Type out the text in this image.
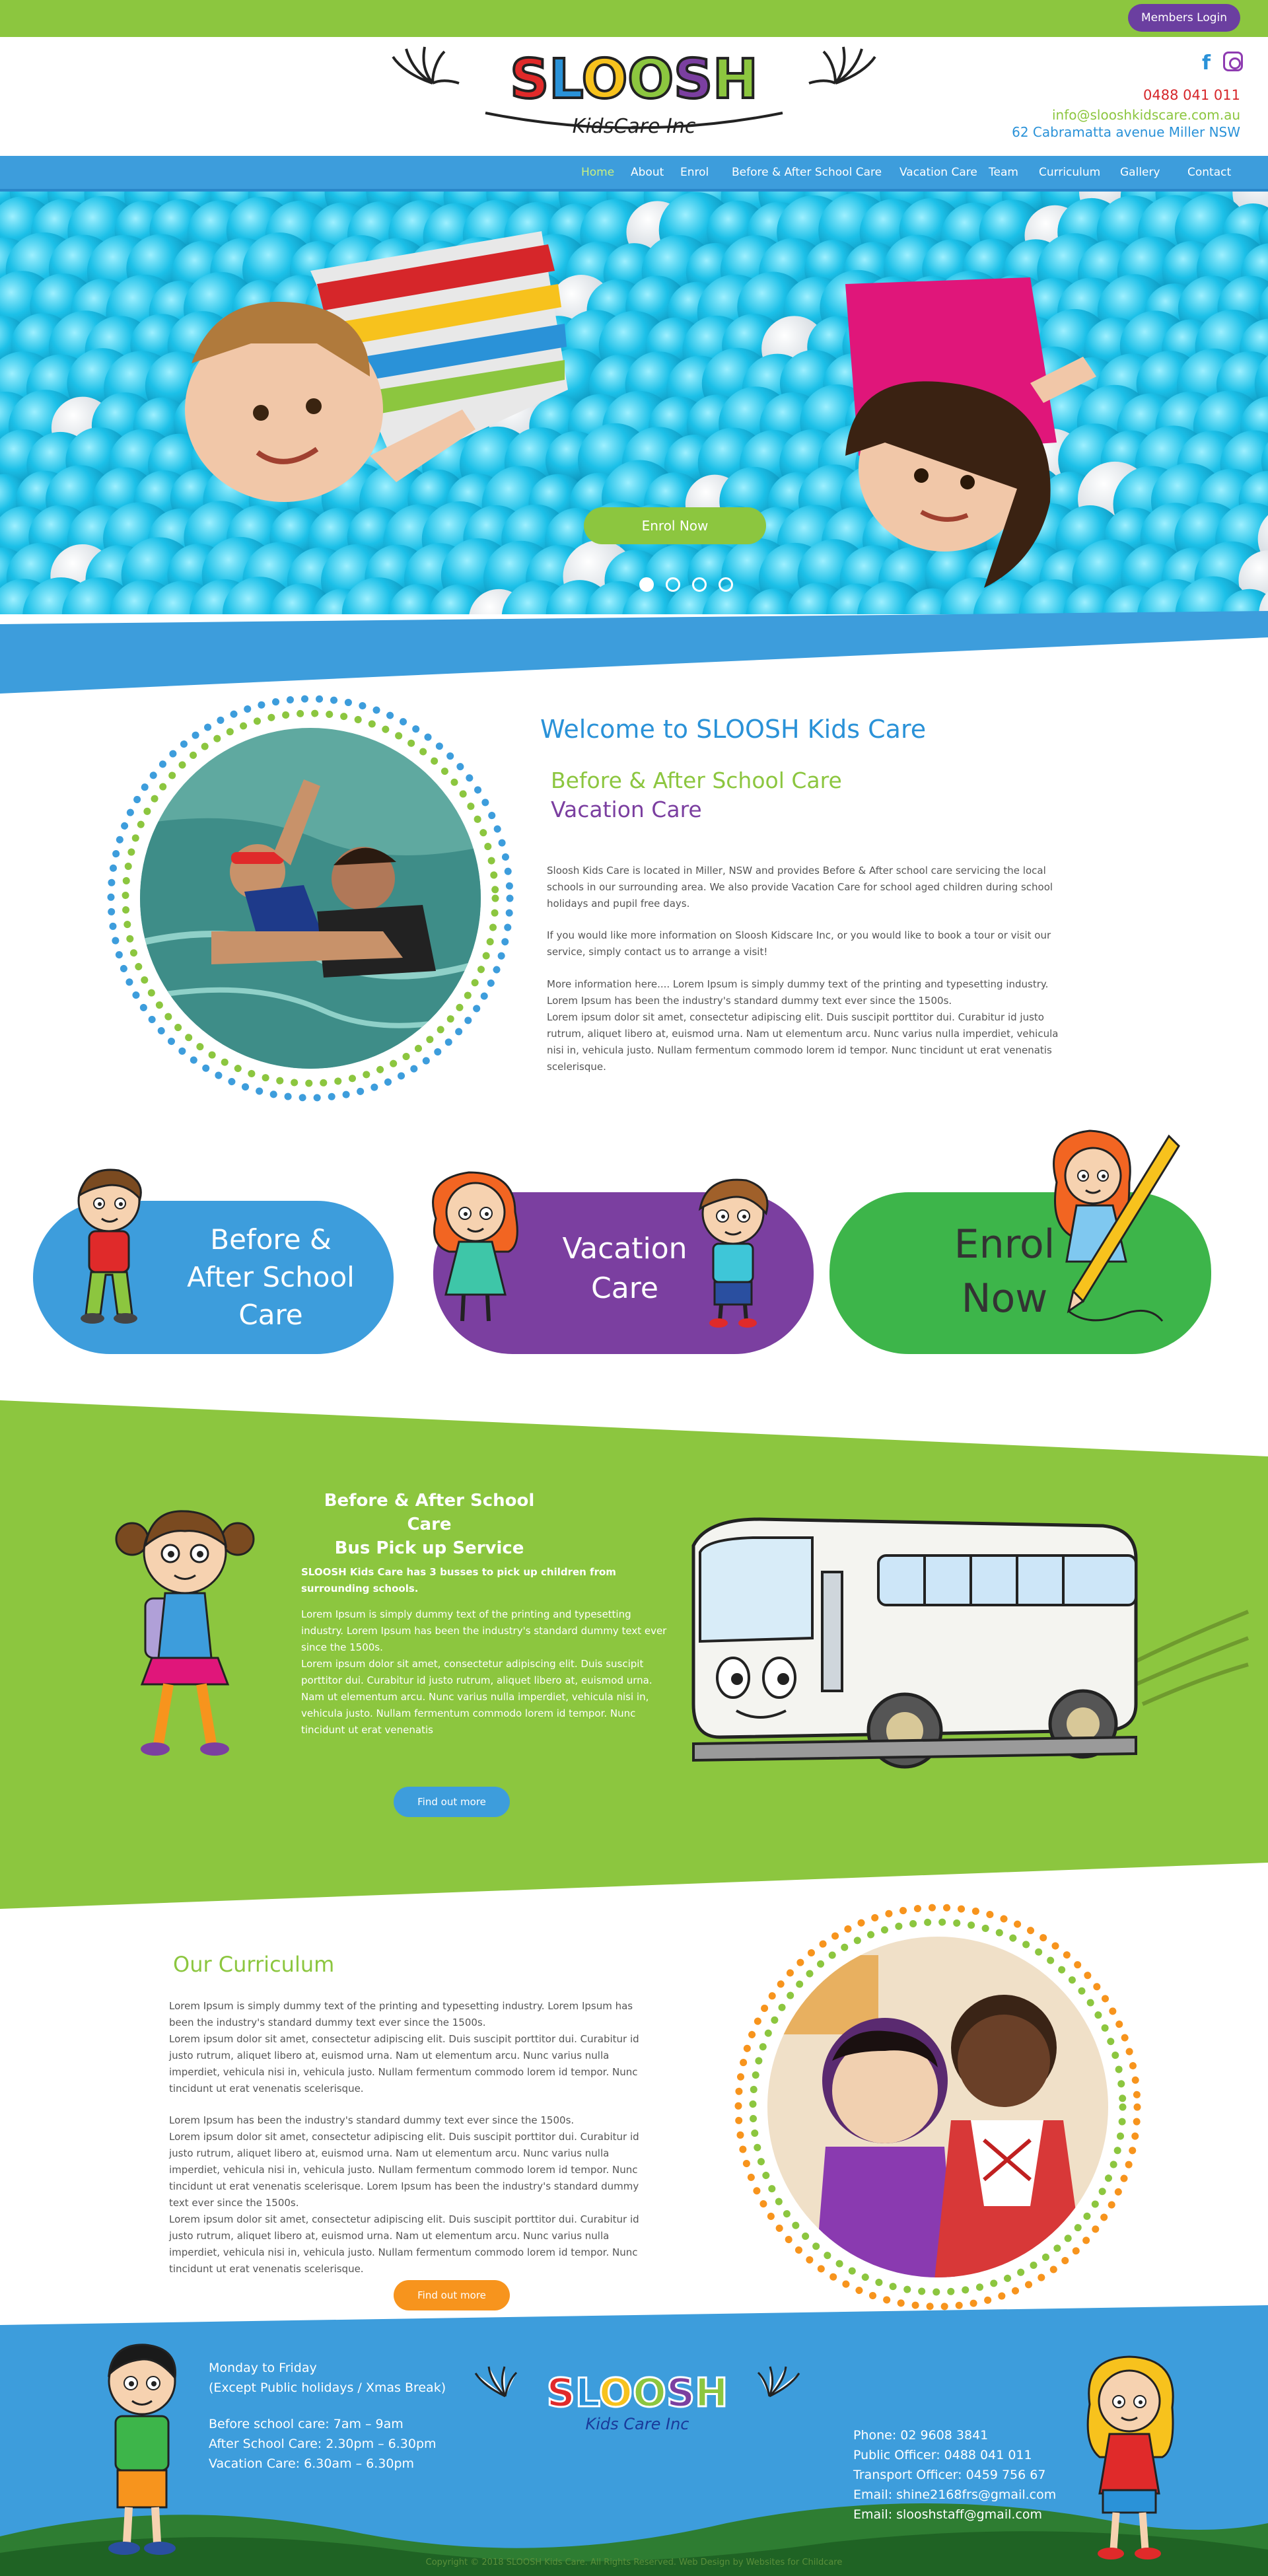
Members Login
SLOOSH
KidsCare Inc
f
0488 041 011
info@slooshkidscare.com.au
62 Cabramatta avenue Miller NSW
Home About Enrol Before & After School Care Vacation Care Team Curriculum Gallery Contact
Enrol Now
Welcome to SLOOSH Kids Care
Before & After School Care
Vacation Care
Sloosh Kids Care is located in Miller, NSW and provides Before & After school care servicing the local schools in our surrounding area. We also provide Vacation Care for school aged children during school holidays and pupil free days.
If you would like more information on Sloosh Kidscare Inc, or you would like to book a tour or visit our service, simply contact us to arrange a visit!
More information here.... Lorem Ipsum is simply dummy text of the printing and typesetting industry. Lorem Ipsum has been the industry's standard dummy text ever since the 1500s.
Lorem ipsum dolor sit amet, consectetur adipiscing elit. Duis suscipit porttitor dui. Curabitur id justo rutrum, aliquet libero at, euismod urna. Nam ut elementum arcu. Nunc varius nulla imperdiet, vehicula nisi in, vehicula justo. Nullam fermentum commodo lorem id tempor. Nunc tincidunt ut erat venenatis scelerisque.
Before &
After School
Care
Vacation
Care
Enrol
Now
Before & After School Care
Bus Pick up Service
SLOOSH Kids Care has 3 busses to pick up children from surrounding schools.
Lorem Ipsum is simply dummy text of the printing and typesetting industry. Lorem Ipsum has been the industry's standard dummy text ever since the 1500s.
Lorem ipsum dolor sit amet, consectetur adipiscing elit. Duis suscipit porttitor dui. Curabitur id justo rutrum, aliquet libero at, euismod urna. Nam ut elementum arcu. Nunc varius nulla imperdiet, vehicula nisi in, vehicula justo. Nullam fermentum commodo lorem id tempor. Nunc tincidunt ut erat venenatis
Find out more
Our Curriculum
Lorem Ipsum is simply dummy text of the printing and typesetting industry. Lorem Ipsum has been the industry's standard dummy text ever since the 1500s.
Lorem ipsum dolor sit amet, consectetur adipiscing elit. Duis suscipit porttitor dui. Curabitur id justo rutrum, aliquet libero at, euismod urna. Nam ut elementum arcu. Nunc varius nulla imperdiet, vehicula nisi in, vehicula justo. Nullam fermentum commodo lorem id tempor. Nunc tincidunt ut erat venenatis scelerisque.
Lorem Ipsum has been the industry's standard dummy text ever since the 1500s.
Lorem ipsum dolor sit amet, consectetur adipiscing elit. Duis suscipit porttitor dui. Curabitur id justo rutrum, aliquet libero at, euismod urna. Nam ut elementum arcu. Nunc varius nulla imperdiet, vehicula nisi in, vehicula justo. Nullam fermentum commodo lorem id tempor. Nunc tincidunt ut erat venenatis scelerisque. Lorem Ipsum has been the industry's standard dummy text ever since the 1500s.
Lorem ipsum dolor sit amet, consectetur adipiscing elit. Duis suscipit porttitor dui. Curabitur id justo rutrum, aliquet libero at, euismod urna. Nam ut elementum arcu. Nunc varius nulla imperdiet, vehicula nisi in, vehicula justo. Nullam fermentum commodo lorem id tempor. Nunc tincidunt ut erat venenatis scelerisque.
Find out more
Monday to Friday
(Except Public holidays / Xmas Break)
Before school care: 7am – 9am
After School Care: 2.30pm – 6.30pm
Vacation Care: 6.30am – 6.30pm
SLOOSH
Kids Care Inc
Phone: 02 9608 3841
Public Officer: 0488 041 011
Transport Officer: 0459 756 67
Email: shine2168frs@gmail.com
Email: slooshstaff@gmail.com
Copyright © 2018 SLOOSH Kids Care. All Rights Reserved. Web Design by Websites for Childcare
